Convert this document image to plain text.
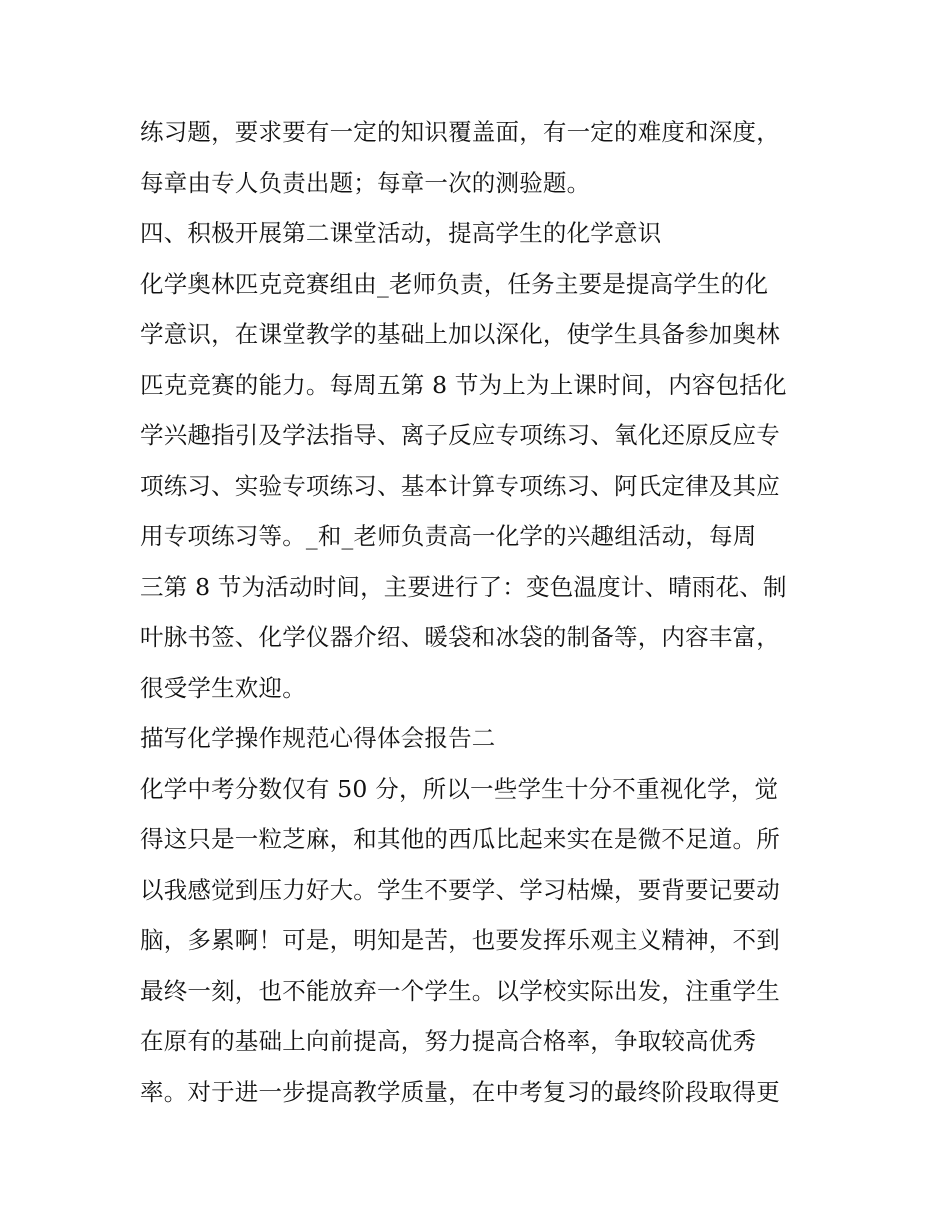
练习题，要求要有一定的知识覆盖面，有一定的难度和深度，
每章由专人负责出题；每章一次的测验题。
四、积极开展第二课堂活动，提高学生的化学意识
化学奥林匹克竞赛组由_老师负责，任务主要是提高学生的化
学意识，在课堂教学的基础上加以深化，使学生具备参加奥林
匹克竞赛的能力。每周五第 8 节为上为上课时间，内容包括化
学兴趣指引及学法指导、离子反应专项练习、氧化还原反应专
项练习、实验专项练习、基本计算专项练习、阿氏定律及其应
用专项练习等。_和_老师负责高一化学的兴趣组活动，每周
三第 8 节为活动时间，主要进行了：变色温度计、晴雨花、制
叶脉书签、化学仪器介绍、暖袋和冰袋的制备等，内容丰富，
很受学生欢迎。
描写化学操作规范心得体会报告二
化学中考分数仅有 50 分，所以一些学生十分不重视化学，觉
得这只是一粒芝麻，和其他的西瓜比起来实在是微不足道。所
以我感觉到压力好大。学生不要学、学习枯燥，要背要记要动
脑，多累啊！可是，明知是苦，也要发挥乐观主义精神，不到
最终一刻，也不能放弃一个学生。以学校实际出发，注重学生
在原有的基础上向前提高，努力提高合格率，争取较高优秀
率。对于进一步提高教学质量，在中考复习的最终阶段取得更
